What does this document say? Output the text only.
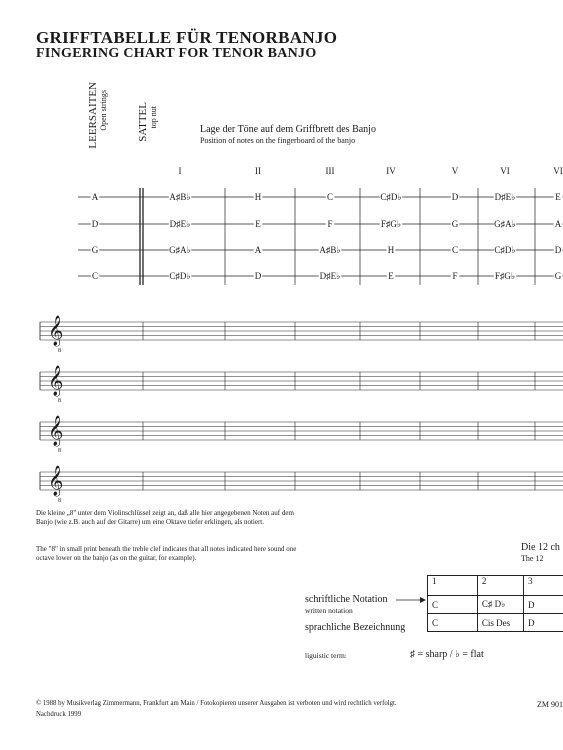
GRIFFTABELLE FÜR TENORBANJO
FINGERING CHART FOR TENOR BANJO
LEERSAITEN Open strings	SATTEL top nut
Lage der Töne auf dem Griffbrett des Banjo
Position of notes on the fingerboard of the banjo
I	II	III	IV	V	VI	VI
A	A♯B♭	H	C	C♯D♭	D	D♯E♭	E
D	D♯E♭	E	F	F♯G♭	G	G♯A♭	A
G	G♯A♭	A	A♯B♭	H	C	C♯D♭	D
C	C♯D♭	D	D♯E♭	E	F	F♯G♭	G
𝄞
8
𝄞
8
𝄞
8
𝄞
8
Die kleine „8" unter dem Violinschlüssel zeigt an, daß alle hier angegebenen Noten auf dem Banjo (wie z.B. auch auf der Gitarre) um eine Oktave tiefer erklingen, als notiert.
The "8" in small print beneath the treble clef indicates that all notes indicated here sound one octave lower on the banjo (as on the guitar, for example).
Die 12 ch
The 12
schriftliche Notation
written notation
sprachliche Bezeichnung
1	2	3
C	C♯ D♭	D
C	Cis Des	D
liguistic term:	♯ = sharp / ♭ = flat
© 1988 by Musikverlag Zimmermann, Frankfurt am Main / Fotokopieren unserer Ausgaben ist verboten und wird rechtlich verfolgt.
Nachdruck 1999
ZM 901
